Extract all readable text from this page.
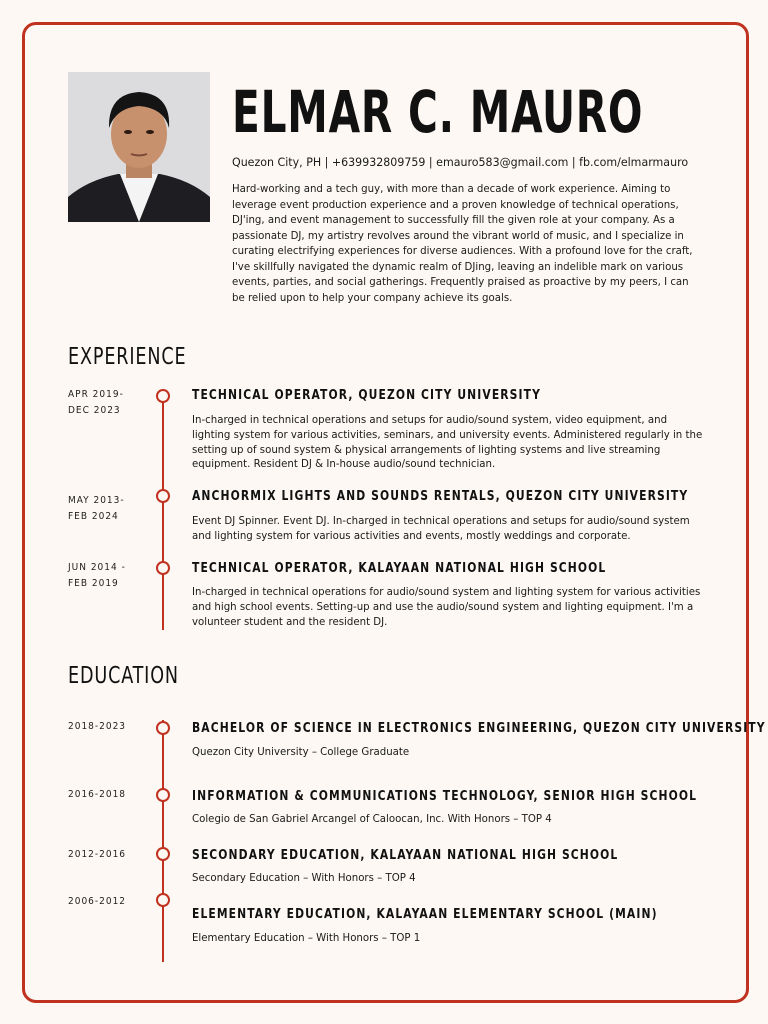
ELMAR C. MAURO
Quezon City, PH | +639932809759 | emauro583@gmail.com | fb.com/elmarmauro
Hard-working and a tech guy, with more than a decade of work experience. Aiming to leverage event production experience and a proven knowledge of technical operations, DJ'ing, and event management to successfully fill the given role at your company. As a passionate DJ, my artistry revolves around the vibrant world of music, and I specialize in curating electrifying experiences for diverse audiences. With a profound love for the craft, I've skillfully navigated the dynamic realm of DJing, leaving an indelible mark on various events, parties, and social gatherings. Frequently praised as proactive by my peers, I can be relied upon to help your company achieve its goals.
EXPERIENCE
APR 2019-
DEC 2023
TECHNICAL OPERATOR, QUEZON CITY UNIVERSITY
In-charged in technical operations and setups for audio/sound system, video equipment, and lighting system for various activities, seminars, and university events. Administered regularly in the setting up of sound system & physical arrangements of lighting systems and live streaming equipment. Resident DJ & In-house audio/sound technician.
MAY 2013-
FEB 2024
ANCHORMIX LIGHTS AND SOUNDS RENTALS, QUEZON CITY UNIVERSITY
Event DJ Spinner. Event DJ. In-charged in technical operations and setups for audio/sound system and lighting system for various activities and events, mostly weddings and corporate.
JUN 2014 -
FEB 2019
TECHNICAL OPERATOR, KALAYAAN NATIONAL HIGH SCHOOL
In-charged in technical operations for audio/sound system and lighting system for various activities and high school events. Setting-up and use the audio/sound system and lighting equipment. I'm a volunteer student and the resident DJ.
EDUCATION
2018-2023	BACHELOR OF SCIENCE IN ELECTRONICS ENGINEERING, QUEZON CITY UNIVERSITY
Quezon City University – College Graduate
2016-2018	INFORMATION & COMMUNICATIONS TECHNOLOGY, SENIOR HIGH SCHOOL
Colegio de San Gabriel Arcangel of Caloocan, Inc. With Honors – TOP 4
2012-2016	SECONDARY EDUCATION, KALAYAAN NATIONAL HIGH SCHOOL
Secondary Education – With Honors – TOP 4
2006-2012
ELEMENTARY EDUCATION, KALAYAAN ELEMENTARY SCHOOL (MAIN)
Elementary Education – With Honors – TOP 1
